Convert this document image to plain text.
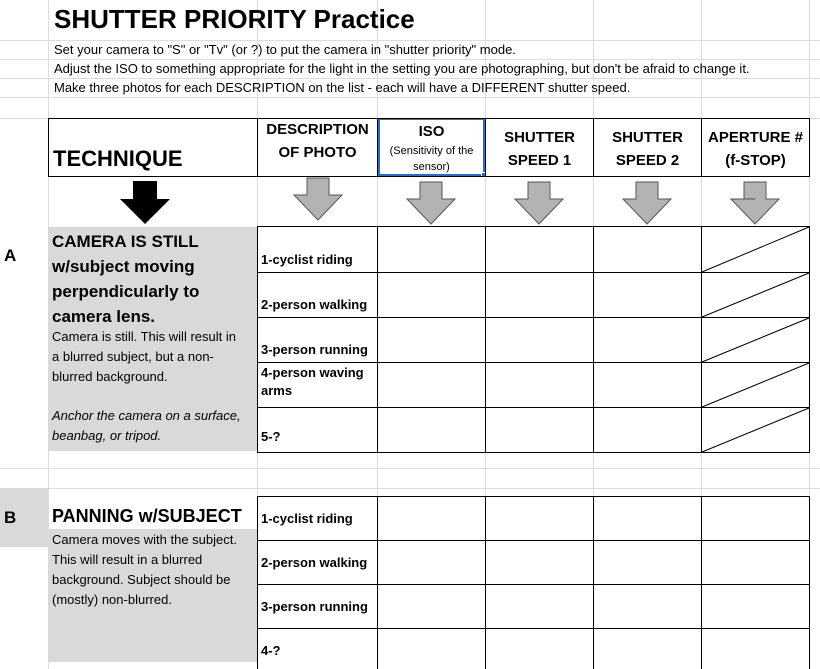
SHUTTER PRIORITY Practice
Set your camera to "S" or "Tv" (or ?) to put the camera in "shutter priority" mode.
Adjust the ISO to something appropriate for the light in the setting you are photographing, but don't be afraid to change it.
Make three photos for each DESCRIPTION on the list - each will have a DIFFERENT shutter speed.
TECHNIQUE
DESCRIPTION
OF PHOTO
ISO
(Sensitivity of the
sensor)
SHUTTER
SPEED 1
SHUTTER
SPEED 2
APERTURE #
(f-STOP)
A
CAMERA IS STILL
w/subject moving
perpendicularly to
camera lens.
Camera is still. This will result in
a blurred subject, but a non-
blurred background.
Anchor the camera on a surface,
beanbag, or tripod.
1-cyclist riding
2-person walking
3-person running
4-person waving
arms
5-?
B PANNING w/SUBJECT
Camera moves with the subject.
This will result in a blurred
background. Subject should be
(mostly) non-blurred.
1-cyclist riding
2-person walking
3-person running
4-?
